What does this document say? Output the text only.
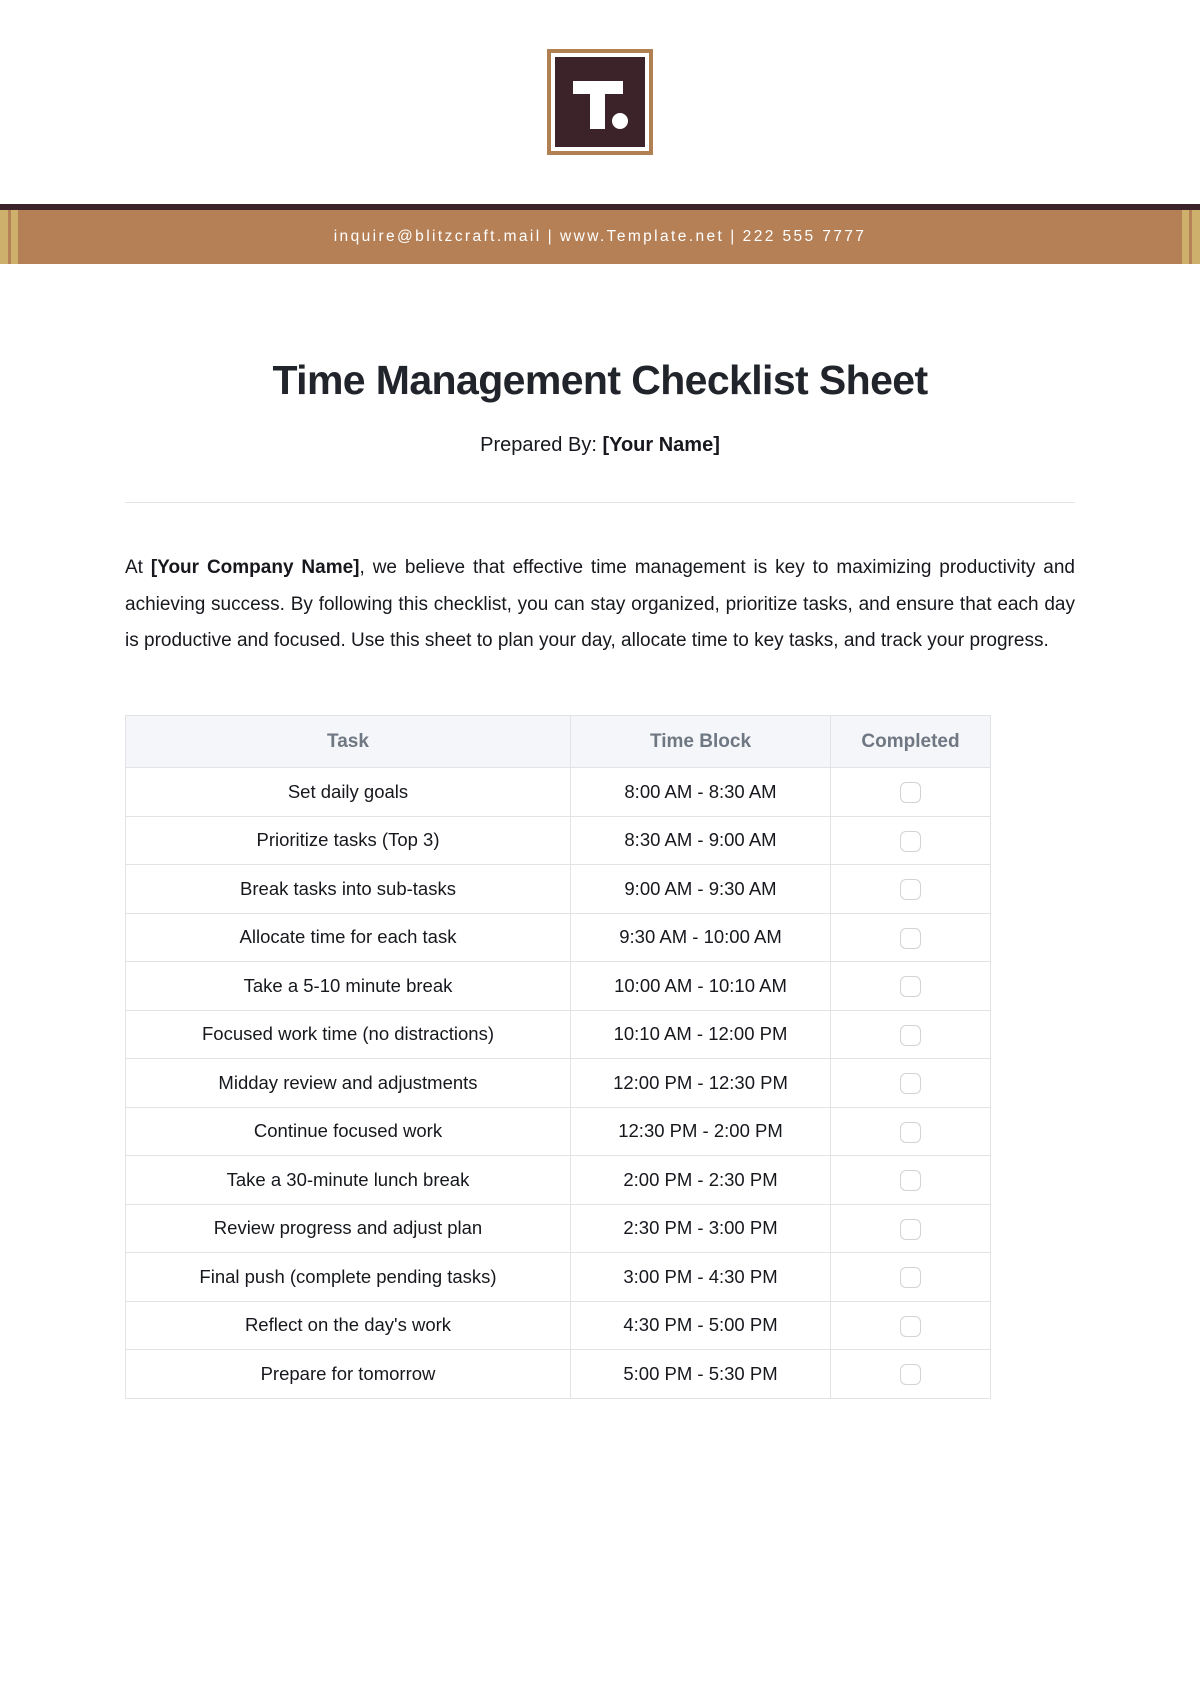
inquire@blitzcraft.mail | www.Template.net | 222 555 7777
Time Management Checklist Sheet

Prepared By: [Your Name]

At [Your Company Name], we believe that effective time management is key to maximizing productivity and achieving success. By following this checklist, you can stay organized, prioritize tasks, and ensure that each day is productive and focused. Use this sheet to plan your day, allocate time to key tasks, and track your progress.

Task	Time Block	Completed
Set daily goals	8:00 AM - 8:30 AM	
Prioritize tasks (Top 3)	8:30 AM - 9:00 AM	
Break tasks into sub-tasks	9:00 AM - 9:30 AM	
Allocate time for each task	9:30 AM - 10:00 AM	
Take a 5-10 minute break	10:00 AM - 10:10 AM	
Focused work time (no distractions)	10:10 AM - 12:00 PM	
Midday review and adjustments	12:00 PM - 12:30 PM	
Continue focused work	12:30 PM - 2:00 PM	
Take a 30-minute lunch break	2:00 PM - 2:30 PM	
Review progress and adjust plan	2:30 PM - 3:00 PM	
Final push (complete pending tasks)	3:00 PM - 4:30 PM	
Reflect on the day's work	4:30 PM - 5:00 PM	
Prepare for tomorrow	5:00 PM - 5:30 PM	
